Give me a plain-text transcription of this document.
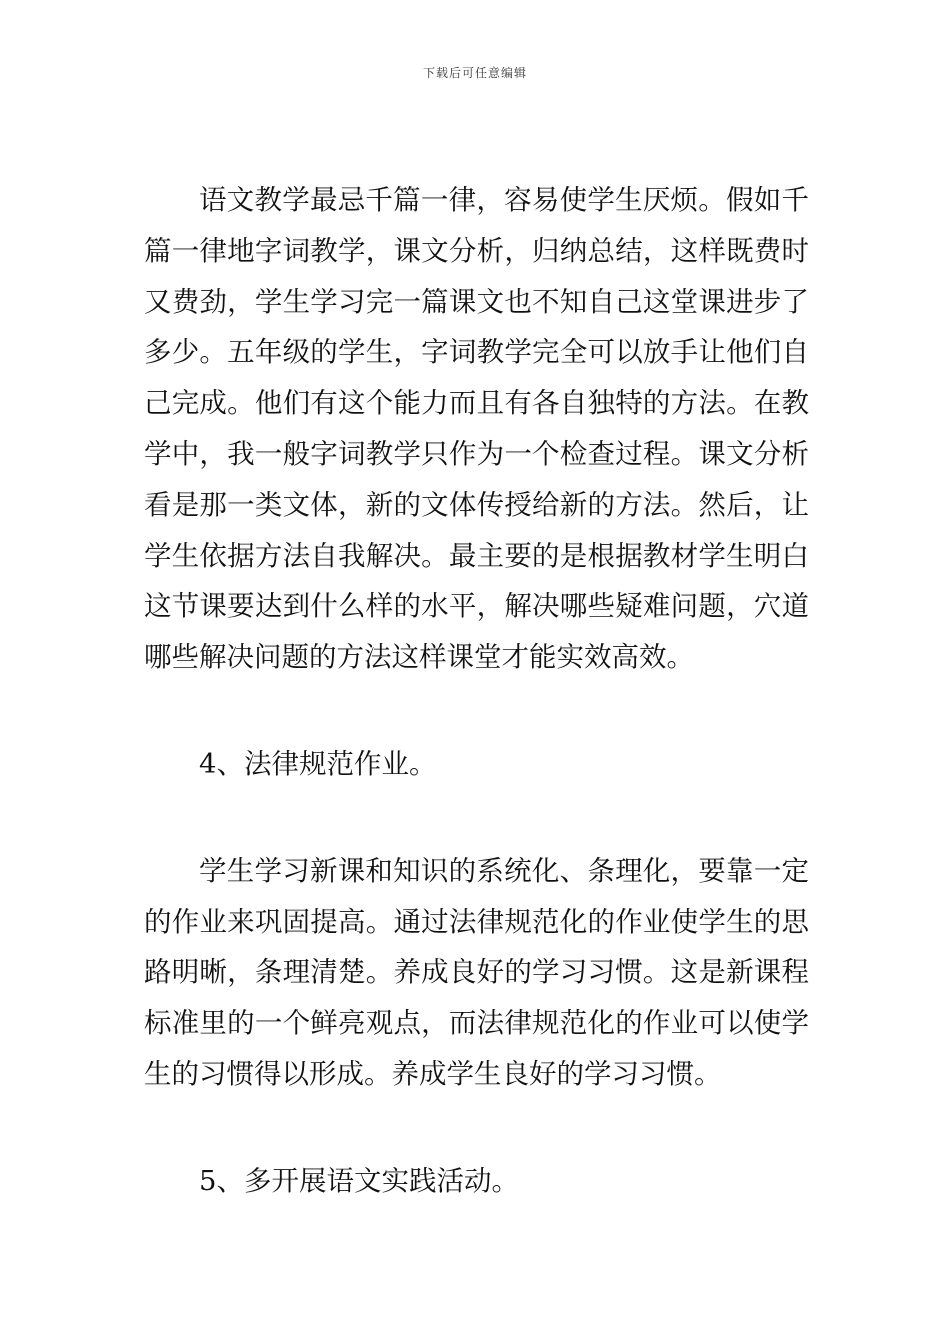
下载后可任意编辑

语文教学最忌千篇一律，容易使学生厌烦。假如千篇一律地字词教学，课文分析，归纳总结，这样既费时又费劲，学生学习完一篇课文也不知自己这堂课进步了多少。五年级的学生，字词教学完全可以放手让他们自己完成。他们有这个能力而且有各自独特的方法。在教学中，我一般字词教学只作为一个检查过程。课文分析看是那一类文体，新的文体传授给新的方法。然后，让学生依据方法自我解决。最主要的是根据教材学生明白这节课要达到什么样的水平，解决哪些疑难问题，穴道哪些解决问题的方法这样课堂才能实效高效。

4、法律规范作业。

学生学习新课和知识的系统化、条理化，要靠一定的作业来巩固提高。通过法律规范化的作业使学生的思路明晰，条理清楚。养成良好的学习习惯。这是新课程标准里的一个鲜亮观点，而法律规范化的作业可以使学生的习惯得以形成。养成学生良好的学习习惯。

5、多开展语文实践活动。
